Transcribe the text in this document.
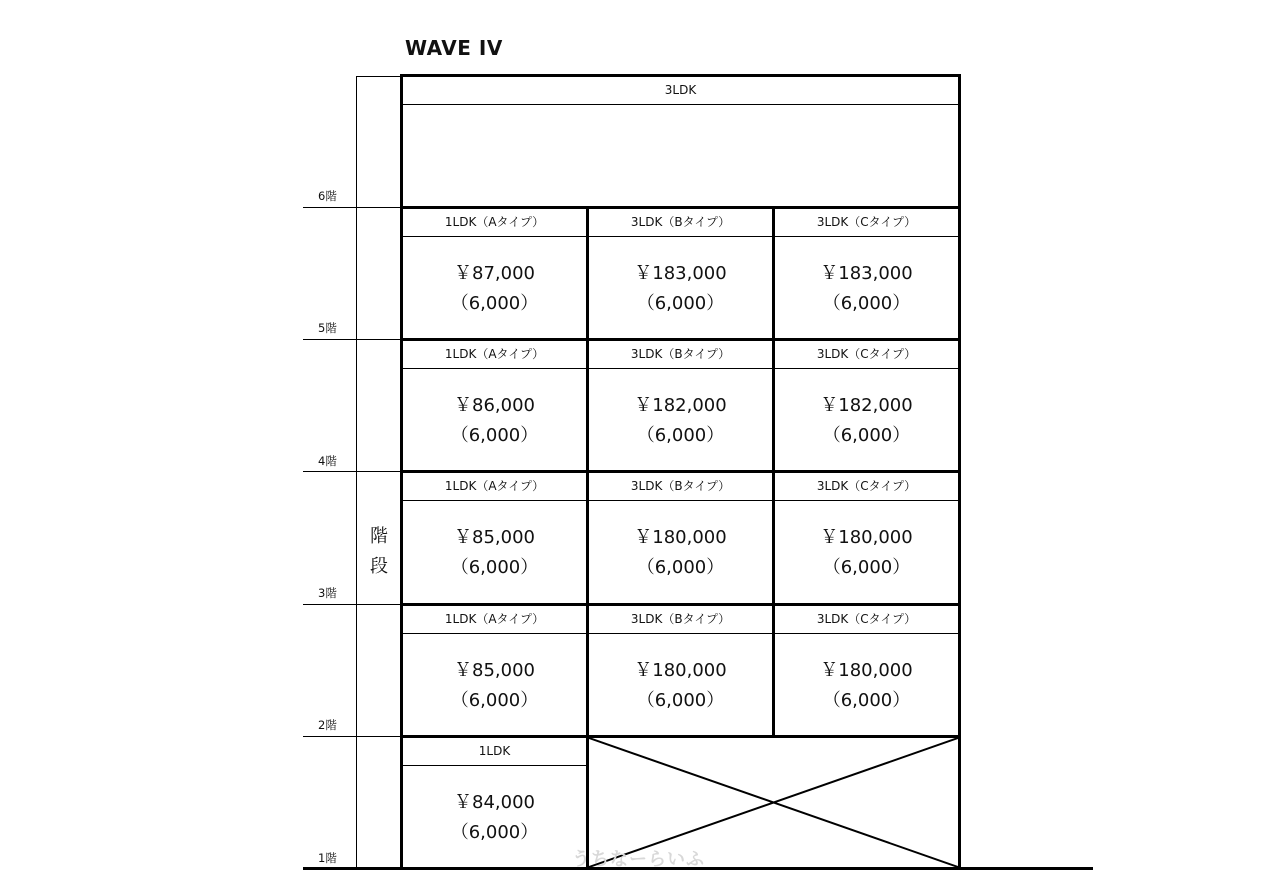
WAVE IV
6階
5階
4階
3階
2階
1階
階
段
3LDK
1LDK（Aタイプ）
￥87,000
（6,000）
3LDK（Bタイプ）
￥183,000
（6,000）
3LDK（Cタイプ）
￥183,000
（6,000）
1LDK（Aタイプ）
￥86,000
（6,000）
3LDK（Bタイプ）
￥182,000
（6,000）
3LDK（Cタイプ）
￥182,000
（6,000）
1LDK（Aタイプ）
￥85,000
（6,000）
3LDK（Bタイプ）
￥180,000
（6,000）
3LDK（Cタイプ）
￥180,000
（6,000）
1LDK（Aタイプ）
￥85,000
（6,000）
3LDK（Bタイプ）
￥180,000
（6,000）
3LDK（Cタイプ）
￥180,000
（6,000）
1LDK
￥84,000
（6,000）
うちなーらいふ
